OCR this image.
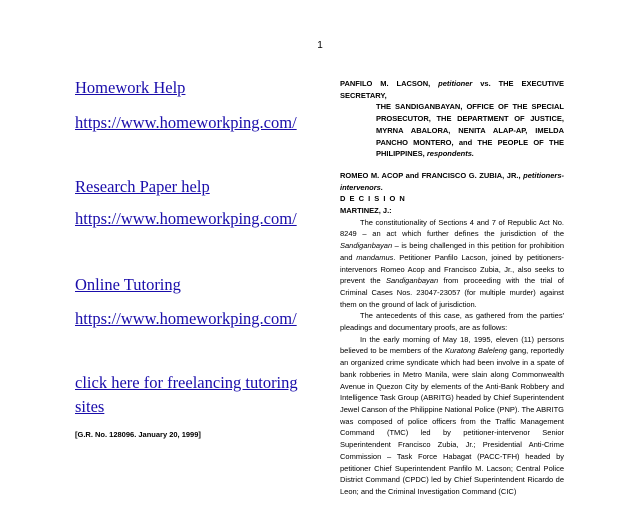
1
Homework Help
https://www.homeworkping.com/
Research Paper help
https://www.homeworkping.com/
Online Tutoring
https://www.homeworkping.com/
click here for freelancing tutoring
sites
[G.R. No. 128096. January 20, 1999]

PANFILO M. LACSON, petitioner vs. THE EXECUTIVE SECRETARY,
THE SANDIGANBAYAN, OFFICE OF THE SPECIAL PROSECUTOR, THE DEPARTMENT OF JUSTICE, MYRNA ABALORA, NENITA ALAP-AP, IMELDA PANCHO MONTERO, and THE PEOPLE OF THE PHILIPPINES, respondents.

ROMEO M. ACOP and FRANCISCO G. ZUBIA, JR., petitioners-intervenors.

D E C I S I O N

MARTINEZ, J.:

The constitutionality of Sections 4 and 7 of Republic Act No. 8249 – an act which further defines the jurisdiction of the Sandiganbayan – is being challenged in this petition for prohibition and mandamus. Petitioner Panfilo Lacson, joined by petitioners-intervenors Romeo Acop and Francisco Zubia, Jr., also seeks to prevent the Sandiganbayan from proceeding with the trial of Criminal Cases Nos. 23047-23057 (for multiple murder) against them on the ground of lack of jurisdiction.

The antecedents of this case, as gathered from the parties' pleadings and documentary proofs, are as follows:

In the early morning of May 18, 1995, eleven (11) persons believed to be members of the Kuratong Baleleng gang, reportedly an organized crime syndicate which had been involve in a spate of bank robberies in Metro Manila, were slain along Commonwealth Avenue in Quezon City by elements of the Anti-Bank Robbery and Intelligence Task Group (ABRITG) headed by Chief Superintendent Jewel Canson of the Philippine National Police (PNP). The ABRITG was composed of police officers from the Traffic Management Command (TMC) led by petitioner-intervenor Senior Superintendent Francisco Zubia, Jr.; Presidential Anti-Crime Commission – Task Force Habagat (PACC-TFH) headed by petitioner Chief Superintendent Panfilo M. Lacson; Central Police District Command (CPDC) led by Chief Superintendent Ricardo de Leon; and the Criminal Investigation Command (CIC)
